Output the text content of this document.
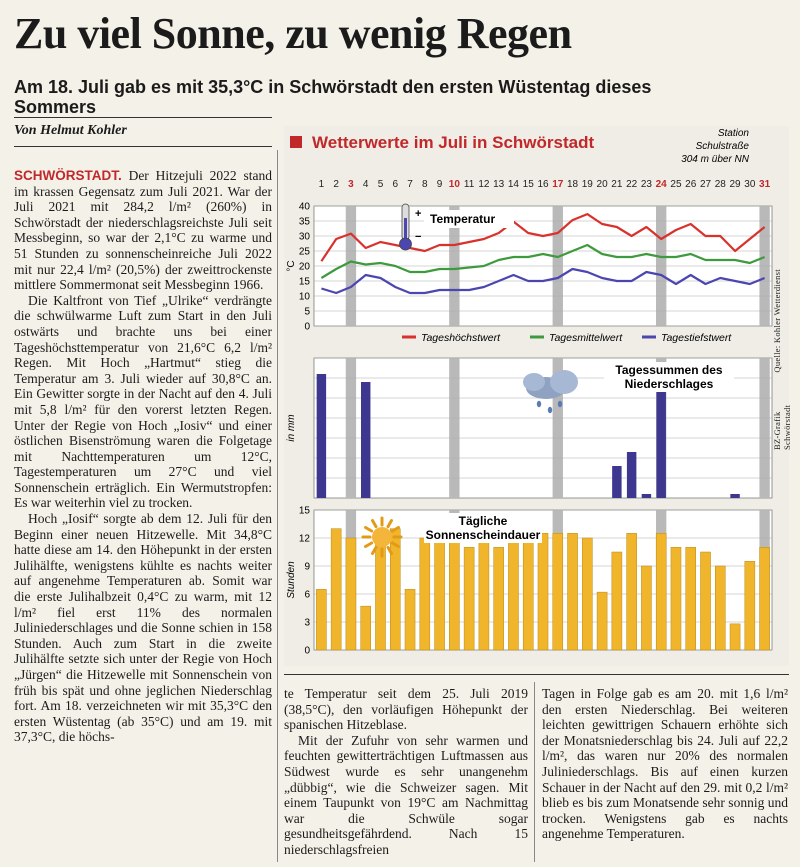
Zu viel Sonne, zu wenig Regen
Am 18. Juli gab es mit 35,3°C in Schwörstadt den ersten Wüstentag dieses Sommers
Von Helmut Kohler

SCHWÖRSTADT. Der Hitzejuli 2022 stand im krassen Gegensatz zum Juli 2021. War der Juli 2021 mit 284,2 l/m² (260%) in Schwörstadt der niederschlagsreichste Juli seit Messbeginn, so war der 2,1°C zu warme und 51 Stunden zu sonnenscheinreiche Juli 2022 mit nur 22,4 l/m² (20,5%) der zweittrockenste mittlere Sommermonat seit Messbeginn 1966.

Die Kaltfront von Tief „Ulrike“ verdrängte die schwülwarme Luft zum Start in den Juli ostwärts und brachte uns bei einer Tageshöchsttemperatur von 21,6°C 6,2 l/m² Regen. Mit Hoch „Hartmut“ stieg die Temperatur am 3. Juli wieder auf 30,8°C an. Ein Gewitter sorgte in der Nacht auf den 4. Juli mit 5,8 l/m² für den vorerst letzten Regen. Unter der Regie von Hoch „Iosiv“ und einer östlichen Bisenströmung waren die Folgetage mit Nachttemperaturen um 12°C, Tagestemperaturen um 27°C und viel Sonnenschein erträglich. Ein Wermutstropfen: Es war weiterhin viel zu trocken.

Hoch „Iosif“ sorgte ab dem 12. Juli für den Beginn einer neuen Hitzewelle. Mit 34,8°C hatte diese am 14. den Höhepunkt in der ersten Julihälfte, wenigstens kühlte es nachts weiter auf angenehme Temperaturen ab. Somit war die erste Julihalbzeit 0,4°C zu warm, mit 12 l/m² fiel erst 11% des normalen Juliniederschlages und die Sonne schien in 158 Stunden. Auch zum Start in die zweite Julihälfte setzte sich unter der Regie von Hoch „Jürgen“ die Hitzewelle mit Sonnenschein von früh bis spät und ohne jeglichen Niederschlag fort. Am 18. verzeichneten wir mit 35,3°C den ersten Wüstentag (ab 35°C) und am 19. mit 37,3°C, die höchs-

Wetterwerte im Juli in Schwörstadt	Station
Schulstraße
304 m über NN
1 2 3 4 5 6 7 8 9 10 11 12 13 14 15 16 17 18 19 20 21 22 23 24 25 26 27 28 29 30 31
0
5
10
15
20
25
30
35
40
°C
Temperatur
+
−
Tageshöchstwert	Tagesmittelwert	Tagestiefstwert
in mm
Tagessummen des
Niederschlages
0
3
6
9
12
15
Stunden
Tägliche
Sonnenscheindauer
BZ-Grafik                Quelle: Kohler Wetterdienst Schwörstadt

te Temperatur seit dem 25. Juli 2019 (38,5°C), den vorläufigen Höhepunkt der spanischen Hitzeblase.

Mit der Zufuhr von sehr warmen und feuchten gewitterträchtigen Luftmassen aus Südwest wurde es sehr unangenehm „dübbig“, wie die Schweizer sagen. Mit einem Taupunkt von 19°C am Nachmittag war die Schwüle sogar gesundheitsgefährdend. Nach 15 niederschlagsfreien

Tagen in Folge gab es am 20. mit 1,6 l/m² den ersten Niederschlag. Bei weiteren leichten gewittrigen Schauern erhöhte sich der Monatsniederschlag bis 24. Juli auf 22,2 l/m², das waren nur 20% des normalen Juliniederschlags. Bis auf einen kurzen Schauer in der Nacht auf den 29. mit 0,2 l/m² blieb es bis zum Monatsende sehr sonnig und trocken. Wenigstens gab es nachts angenehme Temperaturen.
